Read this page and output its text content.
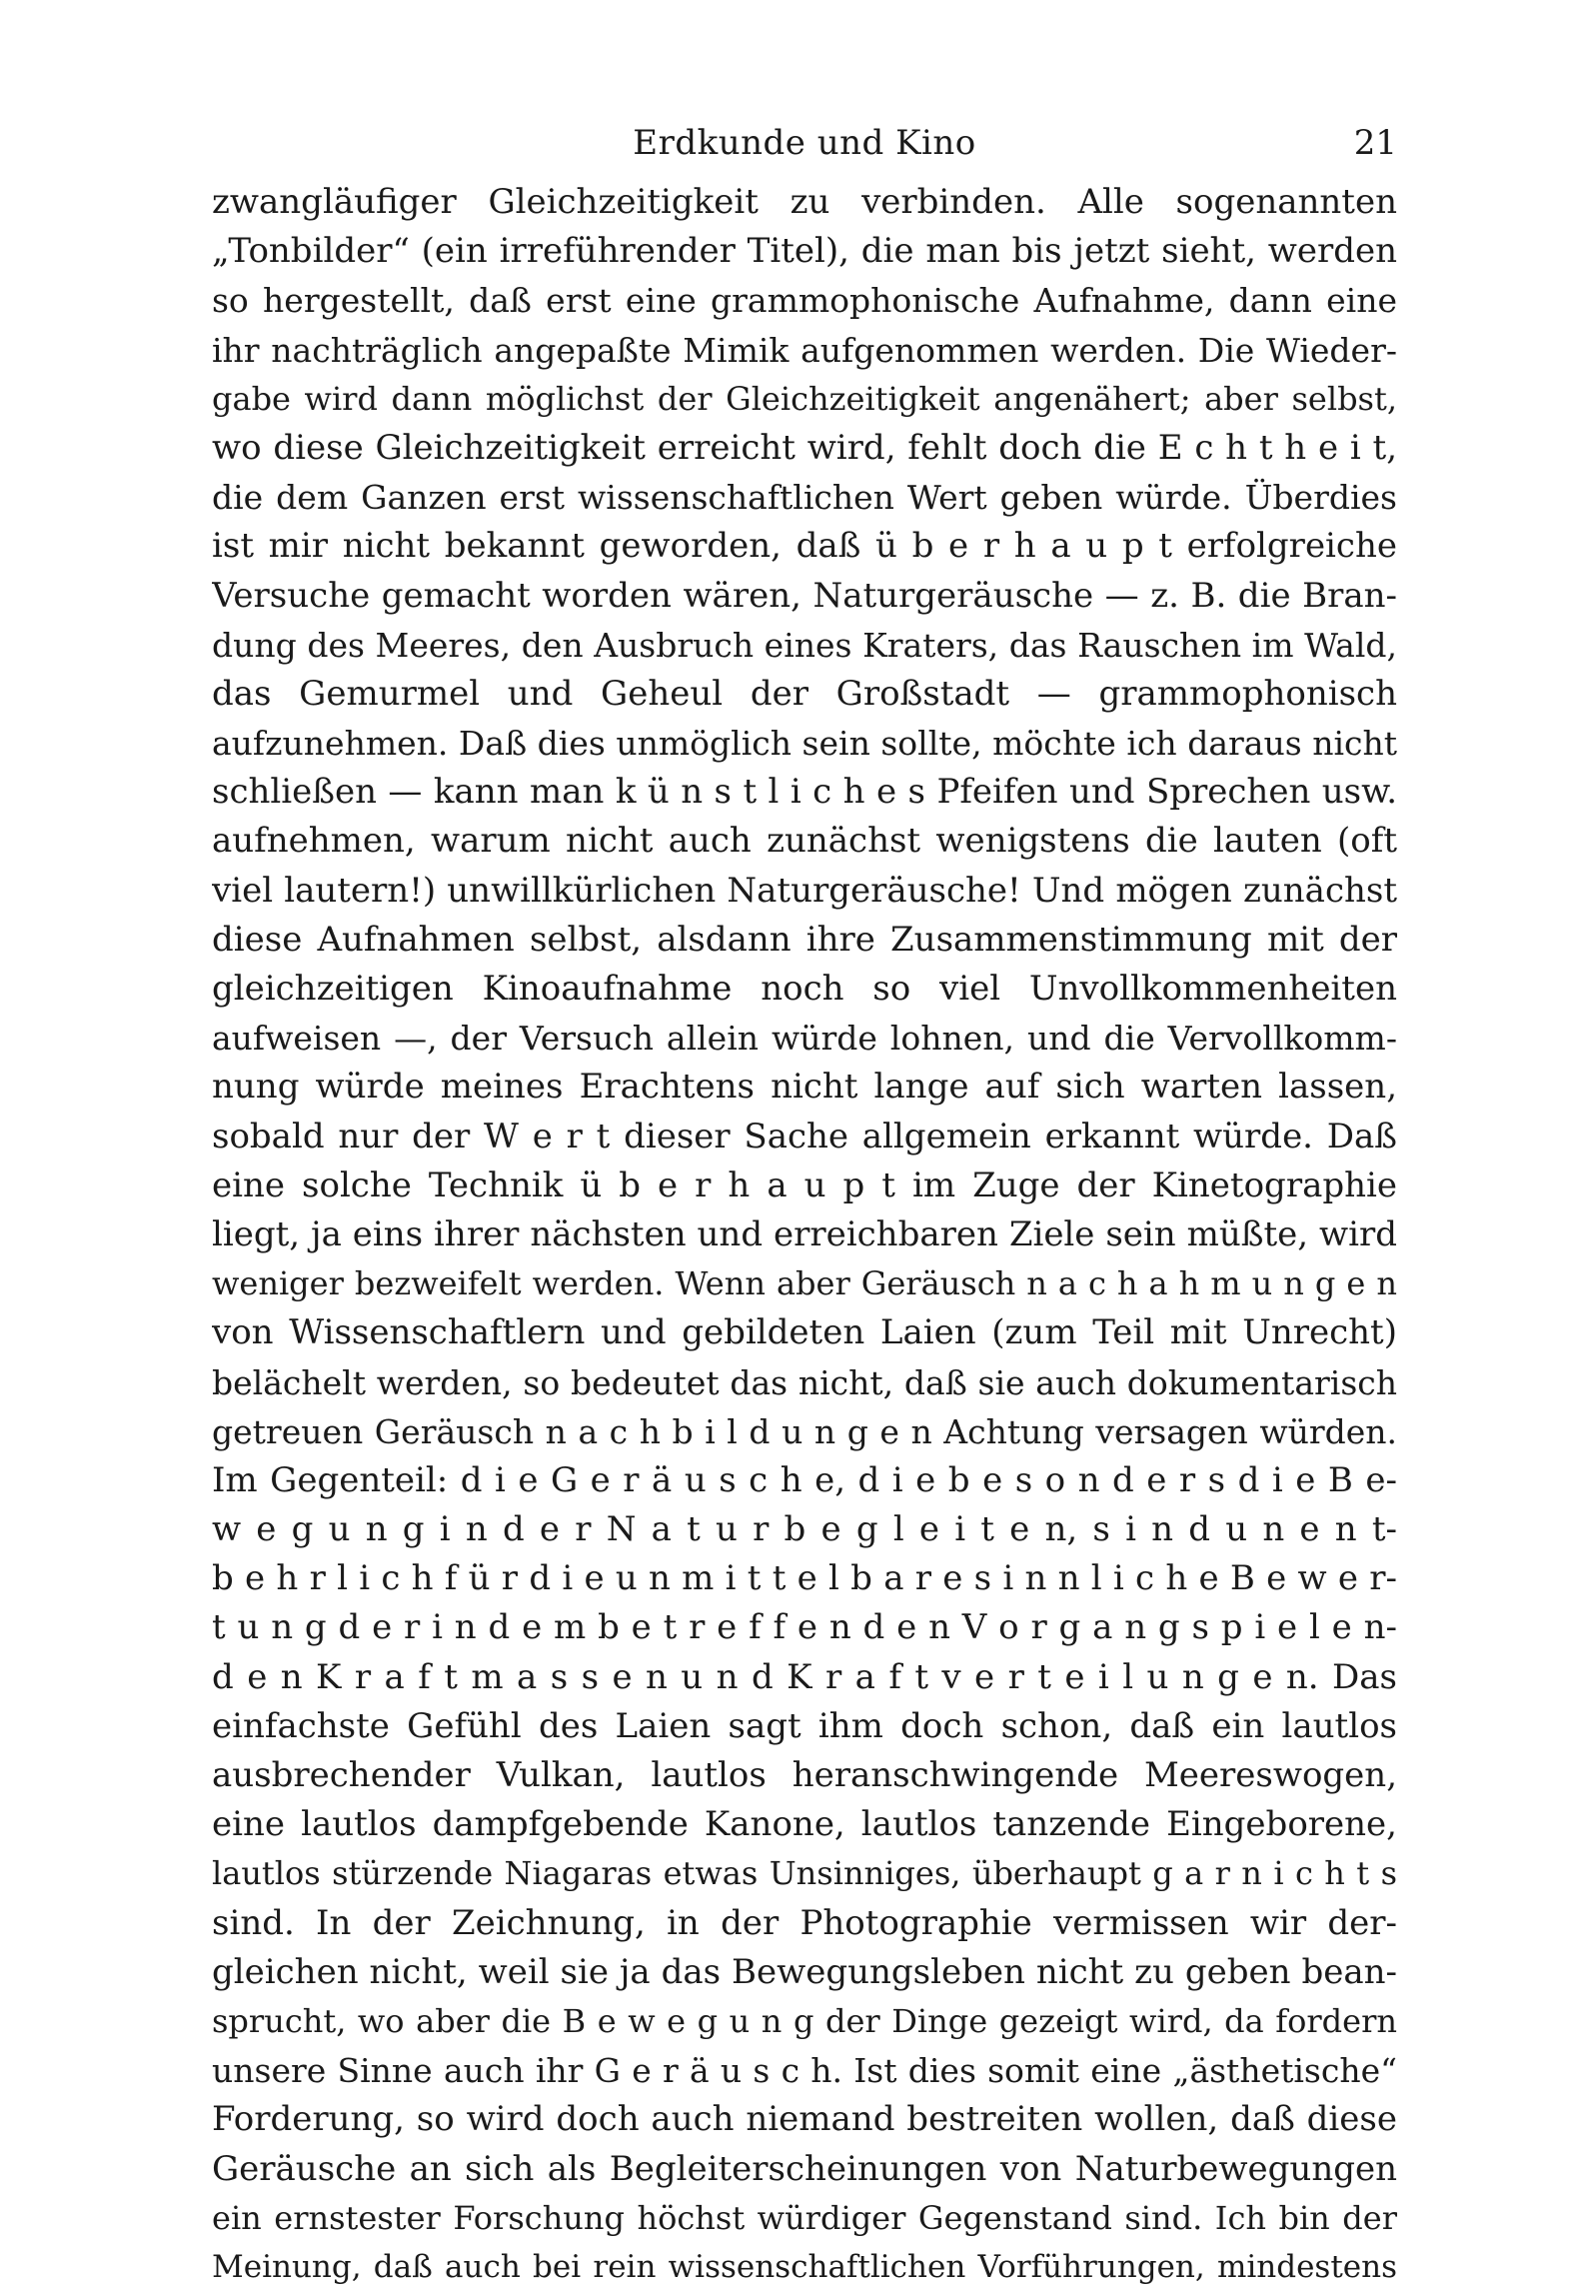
Erdkunde und Kino	21
zwangläufiger Gleichzeitigkeit zu verbinden. Alle sogenannten
„Tonbilder“ (ein irreführender Titel), die man bis jetzt sieht, werden
so hergestellt, daß erst eine grammophonische Aufnahme, dann eine
ihr nachträglich angepaßte Mimik aufgenommen werden. Die Wieder-
gabe wird dann möglichst der Gleichzeitigkeit angenähert; aber selbst,
wo diese Gleichzeitigkeit erreicht wird, fehlt doch die E c h t h e i t,
die dem Ganzen erst wissenschaftlichen Wert geben würde. Überdies
ist mir nicht bekannt geworden, daß ü b e r h a u p t erfolgreiche
Versuche gemacht worden wären, Naturgeräusche — z. B. die Bran-
dung des Meeres, den Ausbruch eines Kraters, das Rauschen im Wald,
das Gemurmel und Geheul der Großstadt — grammophonisch
aufzunehmen. Daß dies unmöglich sein sollte, möchte ich daraus nicht
schließen — kann man k ü n s t l i c h e s Pfeifen und Sprechen usw.
aufnehmen, warum nicht auch zunächst wenigstens die lauten (oft
viel lautern!) unwillkürlichen Naturgeräusche! Und mögen zunächst
diese Aufnahmen selbst, alsdann ihre Zusammenstimmung mit der
gleichzeitigen Kinoaufnahme noch so viel Unvollkommenheiten
aufweisen —, der Versuch allein würde lohnen, und die Vervollkomm-
nung würde meines Erachtens nicht lange auf sich warten lassen,
sobald nur der W e r t dieser Sache allgemein erkannt würde. Daß
eine solche Technik ü b e r h a u p t im Zuge der Kinetographie
liegt, ja eins ihrer nächsten und erreichbaren Ziele sein müßte, wird
weniger bezweifelt werden. Wenn aber Geräusch n a c h a h m u n g e n
von Wissenschaftlern und gebildeten Laien (zum Teil mit Unrecht)
belächelt werden, so bedeutet das nicht, daß sie auch dokumentarisch
getreuen Geräusch n a c h b i l d u n g e n Achtung versagen würden.
Im Gegenteil: d i e G e r ä u s c h e, d i e b e s o n d e r s d i e B e-
w e g u n g i n d e r N a t u r b e g l e i t e n, s i n d u n e n t-
b e h r l i c h f ü r d i e u n m i t t e l b a r e s i n n l i c h e B e w e r-
t u n g d e r i n d e m b e t r e f f e n d e n V o r g a n g s p i e l e n-
d e n K r a f t m a s s e n u n d K r a f t v e r t e i l u n g e n. Das
einfachste Gefühl des Laien sagt ihm doch schon, daß ein lautlos
ausbrechender Vulkan, lautlos heranschwingende Meereswogen,
eine lautlos dampfgebende Kanone, lautlos tanzende Eingeborene,
lautlos stürzende Niagaras etwas Unsinniges, überhaupt g a r n i c h t s
sind. In der Zeichnung, in der Photographie vermissen wir der-
gleichen nicht, weil sie ja das Bewegungsleben nicht zu geben bean-
sprucht, wo aber die B e w e g u n g der Dinge gezeigt wird, da fordern
unsere Sinne auch ihr G e r ä u s c h. Ist dies somit eine „ästhetische“
Forderung, so wird doch auch niemand bestreiten wollen, daß diese
Geräusche an sich als Begleiterscheinungen von Naturbewegungen
ein ernstester Forschung höchst würdiger Gegenstand sind. Ich bin der
Meinung, daß auch bei rein wissenschaftlichen Vorführungen, mindestens
